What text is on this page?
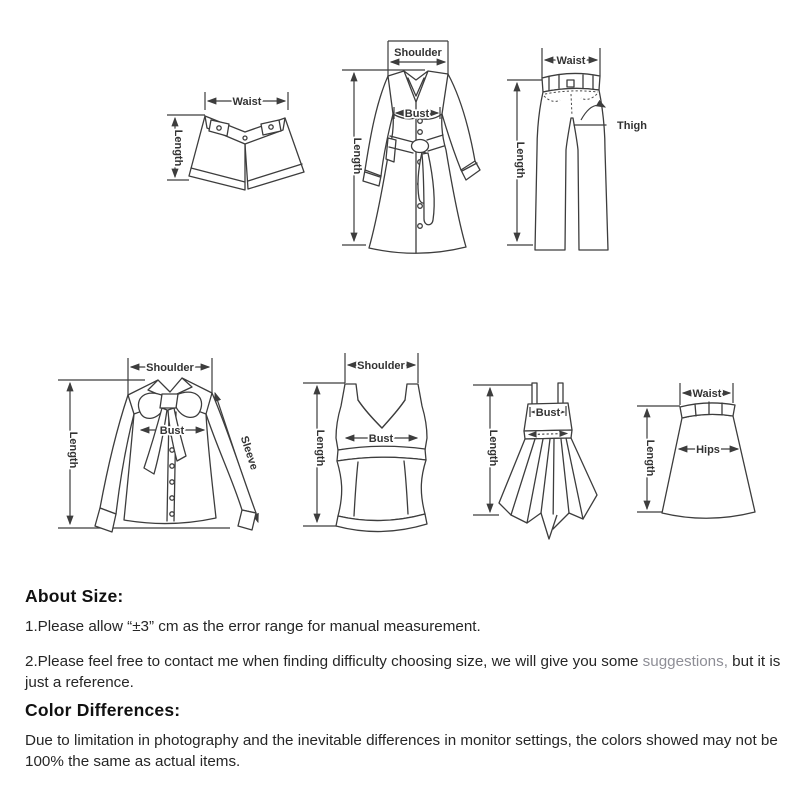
Waist
Length
Shoulder
Bust
Length
Waist
Thigh
Length
Shoulder
Bust
Length	Sleeve
Shoulder
Bust
Length
Bust
Length
Waist
Hips
Length
About Size:

1.Please allow “±3” cm as the error range for manual measurement.

2.Please feel free to contact me when finding difficulty choosing size, we will give you some suggestions, but it is just a reference.

Color Differences:

Due to limitation in photography and the inevitable differences in monitor settings, the colors showed may not be 100% the same as actual items.
